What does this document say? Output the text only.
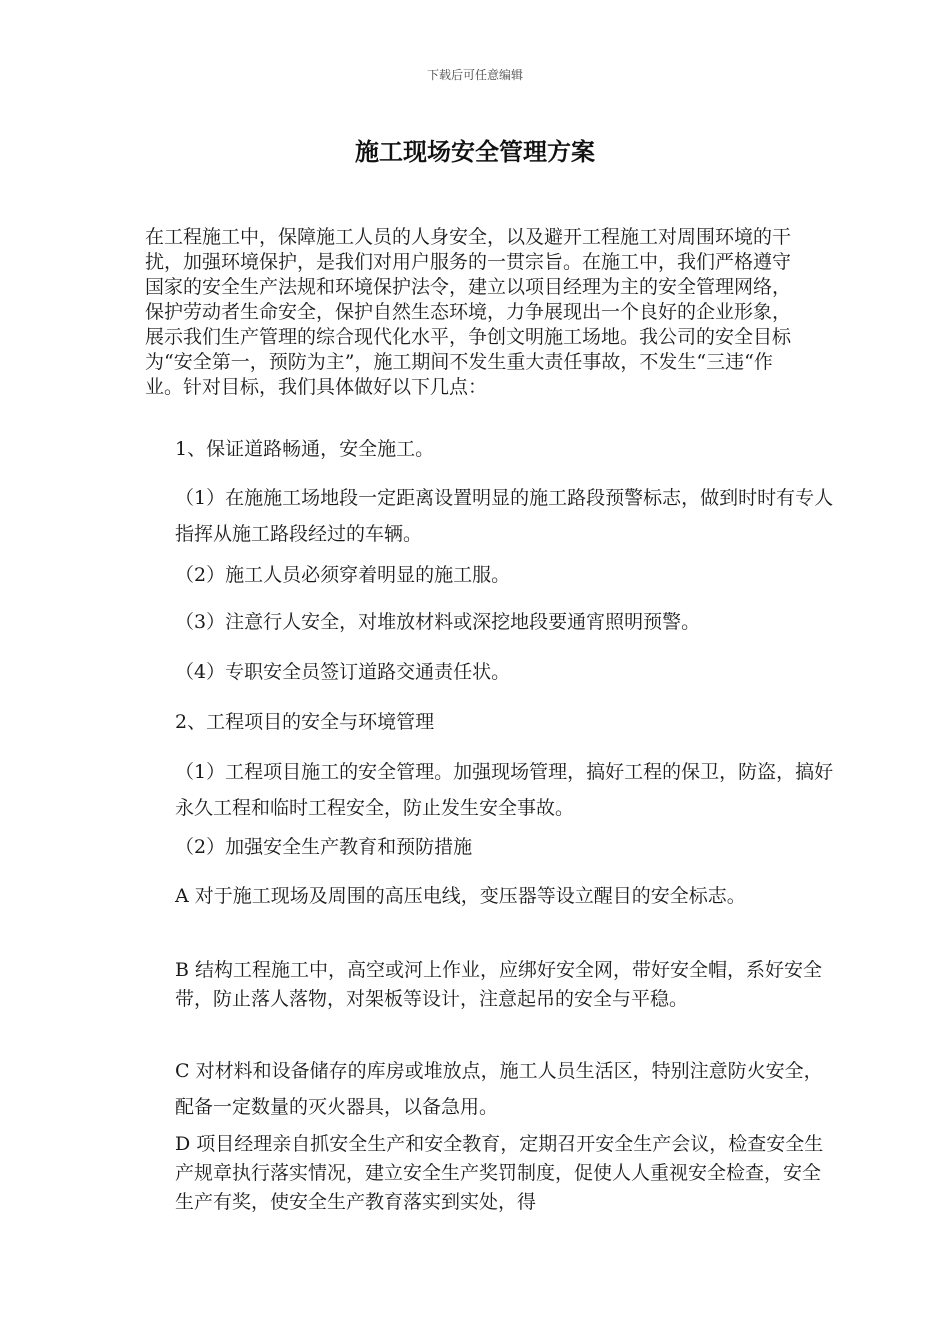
下载后可任意编辑
施工现场安全管理方案

在工程施工中，保障施工人员的人身安全，以及避开工程施工对周围环境的干扰，加强环境保护，是我们对用户服务的一贯宗旨。在施工中，我们严格遵守国家的安全生产法规和环境保护法令，建立以项目经理为主的安全管理网络，保护劳动者生命安全，保护自然生态环境，力争展现出一个良好的企业形象，展示我们生产管理的综合现代化水平，争创文明施工场地。我公司的安全目标为“安全第一，预防为主”，施工期间不发生重大责任事故，不发生“三违“作业。针对目标，我们具体做好以下几点：

1、保证道路畅通，安全施工。

（1）在施施工场地段一定距离设置明显的施工路段预警标志，做到时时有专人指挥从施工路段经过的车辆。

（2）施工人员必须穿着明显的施工服。

（3）注意行人安全，对堆放材料或深挖地段要通宵照明预警。

（4）专职安全员签订道路交通责任状。

2、工程项目的安全与环境管理

（1）工程项目施工的安全管理。加强现场管理，搞好工程的保卫，防盗，搞好永久工程和临时工程安全，防止发生安全事故。

（2）加强安全生产教育和预防措施

A 对于施工现场及周围的高压电线，变压器等设立醒目的安全标志。

B 结构工程施工中，高空或河上作业，应绑好安全网，带好安全帽，系好安全带，防止落人落物，对架板等设计，注意起吊的安全与平稳。

C 对材料和设备储存的库房或堆放点，施工人员生活区，特别注意防火安全，配备一定数量的灭火器具，以备急用。

D 项目经理亲自抓安全生产和安全教育，定期召开安全生产会议，检查安全生产规章执行落实情况，建立安全生产奖罚制度，促使人人重视安全检查，安全生产有奖，使安全生产教育落实到实处，得
